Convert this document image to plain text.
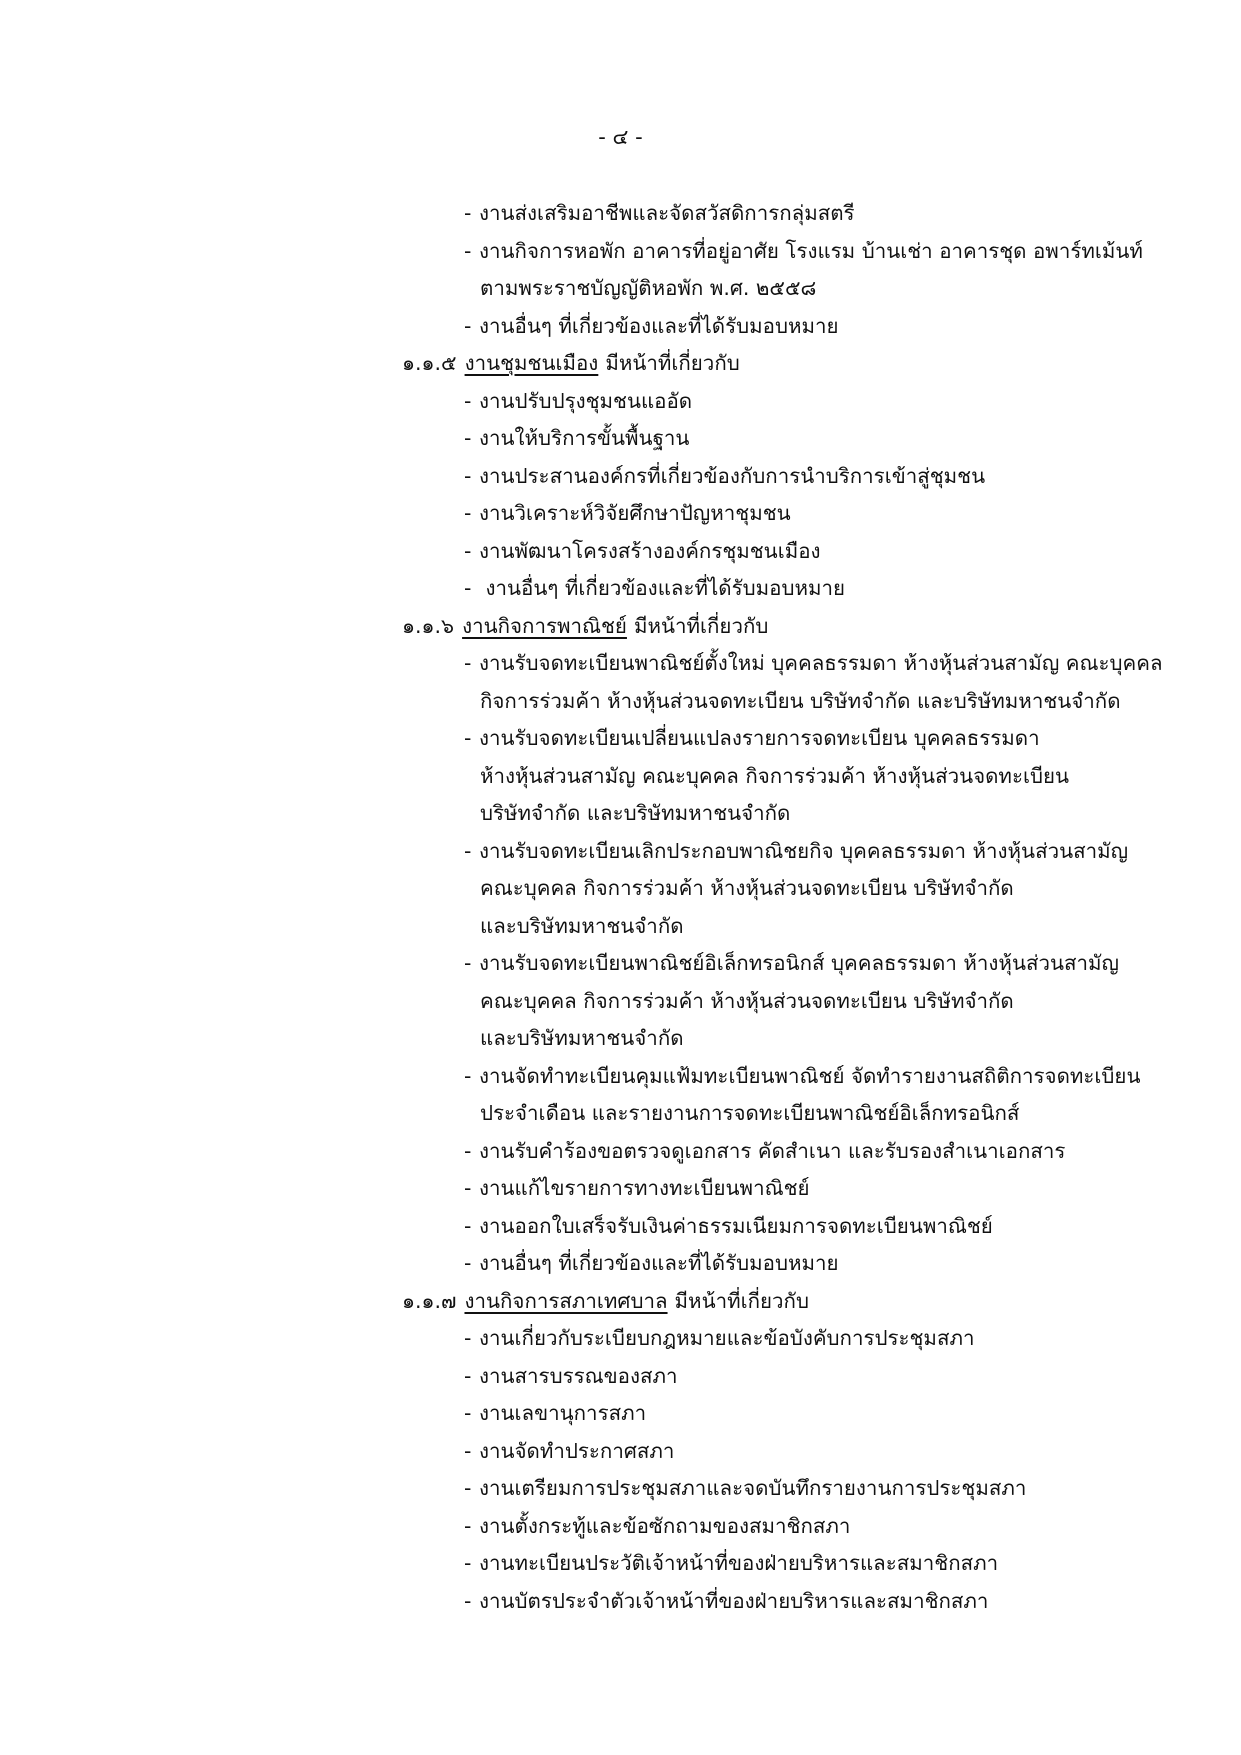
- ๔ -
- งานส่งเสริมอาชีพและจัดสวัสดิการกลุ่มสตรี
- งานกิจการหอพัก อาคารที่อยู่อาศัย โรงแรม บ้านเช่า อาคารชุด อพาร์ทเม้นท์
ตามพระราชบัญญัติหอพัก พ.ศ. ๒๕๕๘
- งานอื่นๆ ที่เกี่ยวข้องและที่ได้รับมอบหมาย
๑.๑.๕ งานชุมชนเมือง มีหน้าที่เกี่ยวกับ
- งานปรับปรุงชุมชนแออัด
- งานให้บริการขั้นพื้นฐาน
- งานประสานองค์กรที่เกี่ยวข้องกับการนำบริการเข้าสู่ชุมชน
- งานวิเคราะห์วิจัยศึกษาปัญหาชุมชน
- งานพัฒนาโครงสร้างองค์กรชุมชนเมือง
- งานอื่นๆ ที่เกี่ยวข้องและที่ได้รับมอบหมาย
๑.๑.๖ งานกิจการพาณิชย์ มีหน้าที่เกี่ยวกับ
- งานรับจดทะเบียนพาณิชย์ตั้งใหม่ บุคคลธรรมดา ห้างหุ้นส่วนสามัญ คณะบุคคล
กิจการร่วมค้า ห้างหุ้นส่วนจดทะเบียน บริษัทจำกัด และบริษัทมหาชนจำกัด
- งานรับจดทะเบียนเปลี่ยนแปลงรายการจดทะเบียน บุคคลธรรมดา
ห้างหุ้นส่วนสามัญ คณะบุคคล กิจการร่วมค้า ห้างหุ้นส่วนจดทะเบียน
บริษัทจำกัด และบริษัทมหาชนจำกัด
- งานรับจดทะเบียนเลิกประกอบพาณิชยกิจ บุคคลธรรมดา ห้างหุ้นส่วนสามัญ
คณะบุคคล กิจการร่วมค้า ห้างหุ้นส่วนจดทะเบียน บริษัทจำกัด
และบริษัทมหาชนจำกัด
- งานรับจดทะเบียนพาณิชย์อิเล็กทรอนิกส์ บุคคลธรรมดา ห้างหุ้นส่วนสามัญ
คณะบุคคล กิจการร่วมค้า ห้างหุ้นส่วนจดทะเบียน บริษัทจำกัด
และบริษัทมหาชนจำกัด
- งานจัดทำทะเบียนคุมแฟ้มทะเบียนพาณิชย์ จัดทำรายงานสถิติการจดทะเบียน
ประจำเดือน และรายงานการจดทะเบียนพาณิชย์อิเล็กทรอนิกส์
- งานรับคำร้องขอตรวจดูเอกสาร คัดสำเนา และรับรองสำเนาเอกสาร
- งานแก้ไขรายการทางทะเบียนพาณิชย์
- งานออกใบเสร็จรับเงินค่าธรรมเนียมการจดทะเบียนพาณิชย์
- งานอื่นๆ ที่เกี่ยวข้องและที่ได้รับมอบหมาย
๑.๑.๗ งานกิจการสภาเทศบาล มีหน้าที่เกี่ยวกับ
- งานเกี่ยวกับระเบียบกฎหมายและข้อบังคับการประชุมสภา
- งานสารบรรณของสภา
- งานเลขานุการสภา
- งานจัดทำประกาศสภา
- งานเตรียมการประชุมสภาและจดบันทึกรายงานการประชุมสภา
- งานตั้งกระทู้และข้อซักถามของสมาชิกสภา
- งานทะเบียนประวัติเจ้าหน้าที่ของฝ่ายบริหารและสมาชิกสภา
- งานบัตรประจำตัวเจ้าหน้าที่ของฝ่ายบริหารและสมาชิกสภา
